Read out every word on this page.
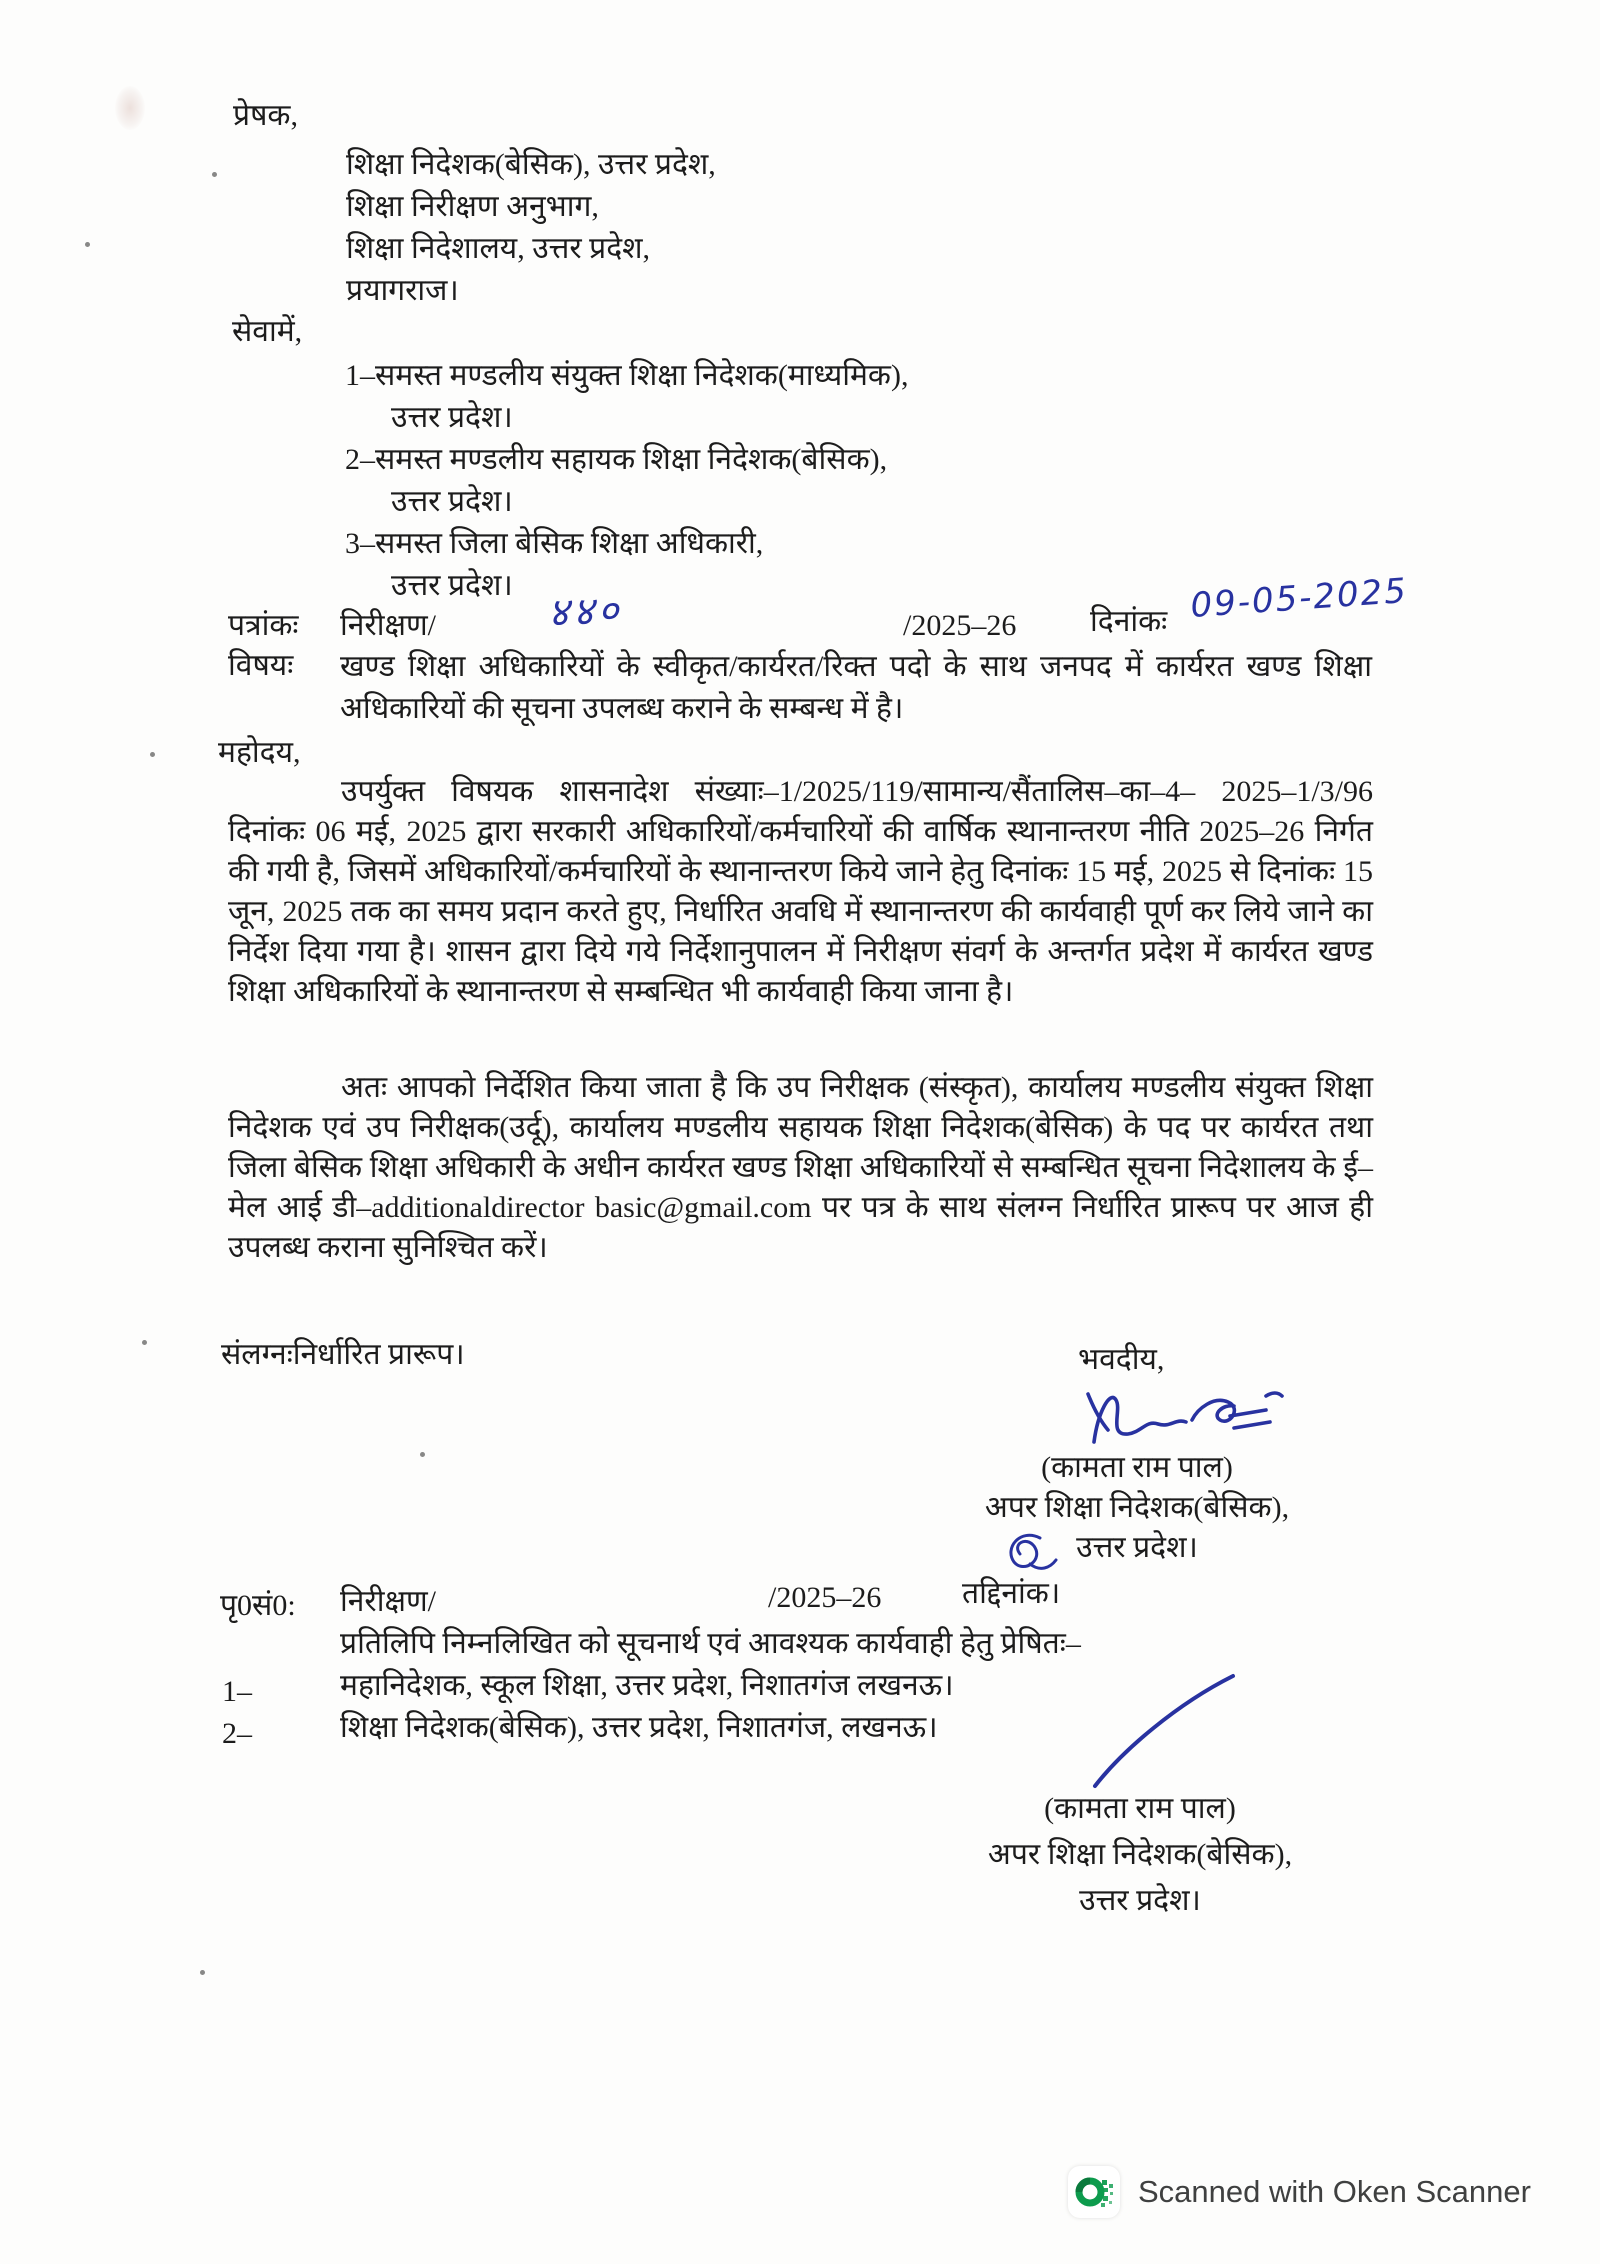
प्रेषक,
शिक्षा निदेशक(बेसिक), उत्तर प्रदेश,
शिक्षा निरीक्षण अनुभाग,
शिक्षा निदेशालय, उत्तर प्रदेश,
प्रयागराज।
सेवामें,
1–समस्त मण्डलीय संयुक्त शिक्षा निदेशक(माध्यमिक),
उत्तर प्रदेश।
2–समस्त मण्डलीय सहायक शिक्षा निदेशक(बेसिक),
उत्तर प्रदेश।
3–समस्त जिला बेसिक शिक्षा अधिकारी,
उत्तर प्रदेश।
पत्रांकः निरीक्षण/	४४०	/2025–26 दिनांकः 09-05-2025
विषयः खण्ड शिक्षा अधिकारियों के स्वीकृत/कार्यरत/रिक्त पदो के साथ जनपद में कार्यरत खण्ड शिक्षा अधिकारियों की सूचना उपलब्ध कराने के सम्बन्ध में है।
महोदय,
उपर्युक्त विषयक शासनादेश संख्याः–1/2025/119/सामान्य/सैंतालिस–का–4– 2025–1/3/96 दिनांकः 06 मई, 2025 द्वारा सरकारी अधिकारियों/कर्मचारियों की वार्षिक स्थानान्तरण नीति 2025–26 निर्गत की गयी है, जिसमें अधिकारियों/कर्मचारियों के स्थानान्तरण किये जाने हेतु दिनांकः 15 मई, 2025 से दिनांकः 15 जून, 2025 तक का समय प्रदान करते हुए, निर्धारित अवधि में स्थानान्तरण की कार्यवाही पूर्ण कर लिये जाने का निर्देश दिया गया है। शासन द्वारा दिये गये निर्देशानुपालन में निरीक्षण संवर्ग के अन्तर्गत प्रदेश में कार्यरत खण्ड शिक्षा अधिकारियों के स्थानान्तरण से सम्बन्धित भी कार्यवाही किया जाना है।
अतः आपको निर्देशित किया जाता है कि उप निरीक्षक (संस्कृत), कार्यालय मण्डलीय संयुक्त शिक्षा निदेशक एवं उप निरीक्षक(उर्दू), कार्यालय मण्डलीय सहायक शिक्षा निदेशक(बेसिक) के पद पर कार्यरत तथा जिला बेसिक शिक्षा अधिकारी के अधीन कार्यरत खण्ड शिक्षा अधिकारियों से सम्बन्धित सूचना निदेशालय के ई–मेल आई डी–additionaldirector basic@gmail.com पर पत्र के साथ संलग्न निर्धारित प्रारूप पर आज ही उपलब्ध कराना सुनिश्चित करें।
संलग्नःनिर्धारित प्रारूप।	भवदीय,
(कामता राम पाल)
अपर शिक्षा निदेशक(बेसिक),
उत्तर प्रदेश।
पृ0सं0: निरीक्षण/	/2025–26	तद्दिनांक।
प्रतिलिपि निम्नलिखित को सूचनार्थ एवं आवश्यक कार्यवाही हेतु प्रेषितः–
1–	महानिदेशक, स्कूल शिक्षा, उत्तर प्रदेश, निशातगंज लखनऊ।
2–	शिक्षा निदेशक(बेसिक), उत्तर प्रदेश, निशातगंज, लखनऊ।
(कामता राम पाल)
अपर शिक्षा निदेशक(बेसिक),
उत्तर प्रदेश।
Scanned with Oken Scanner
